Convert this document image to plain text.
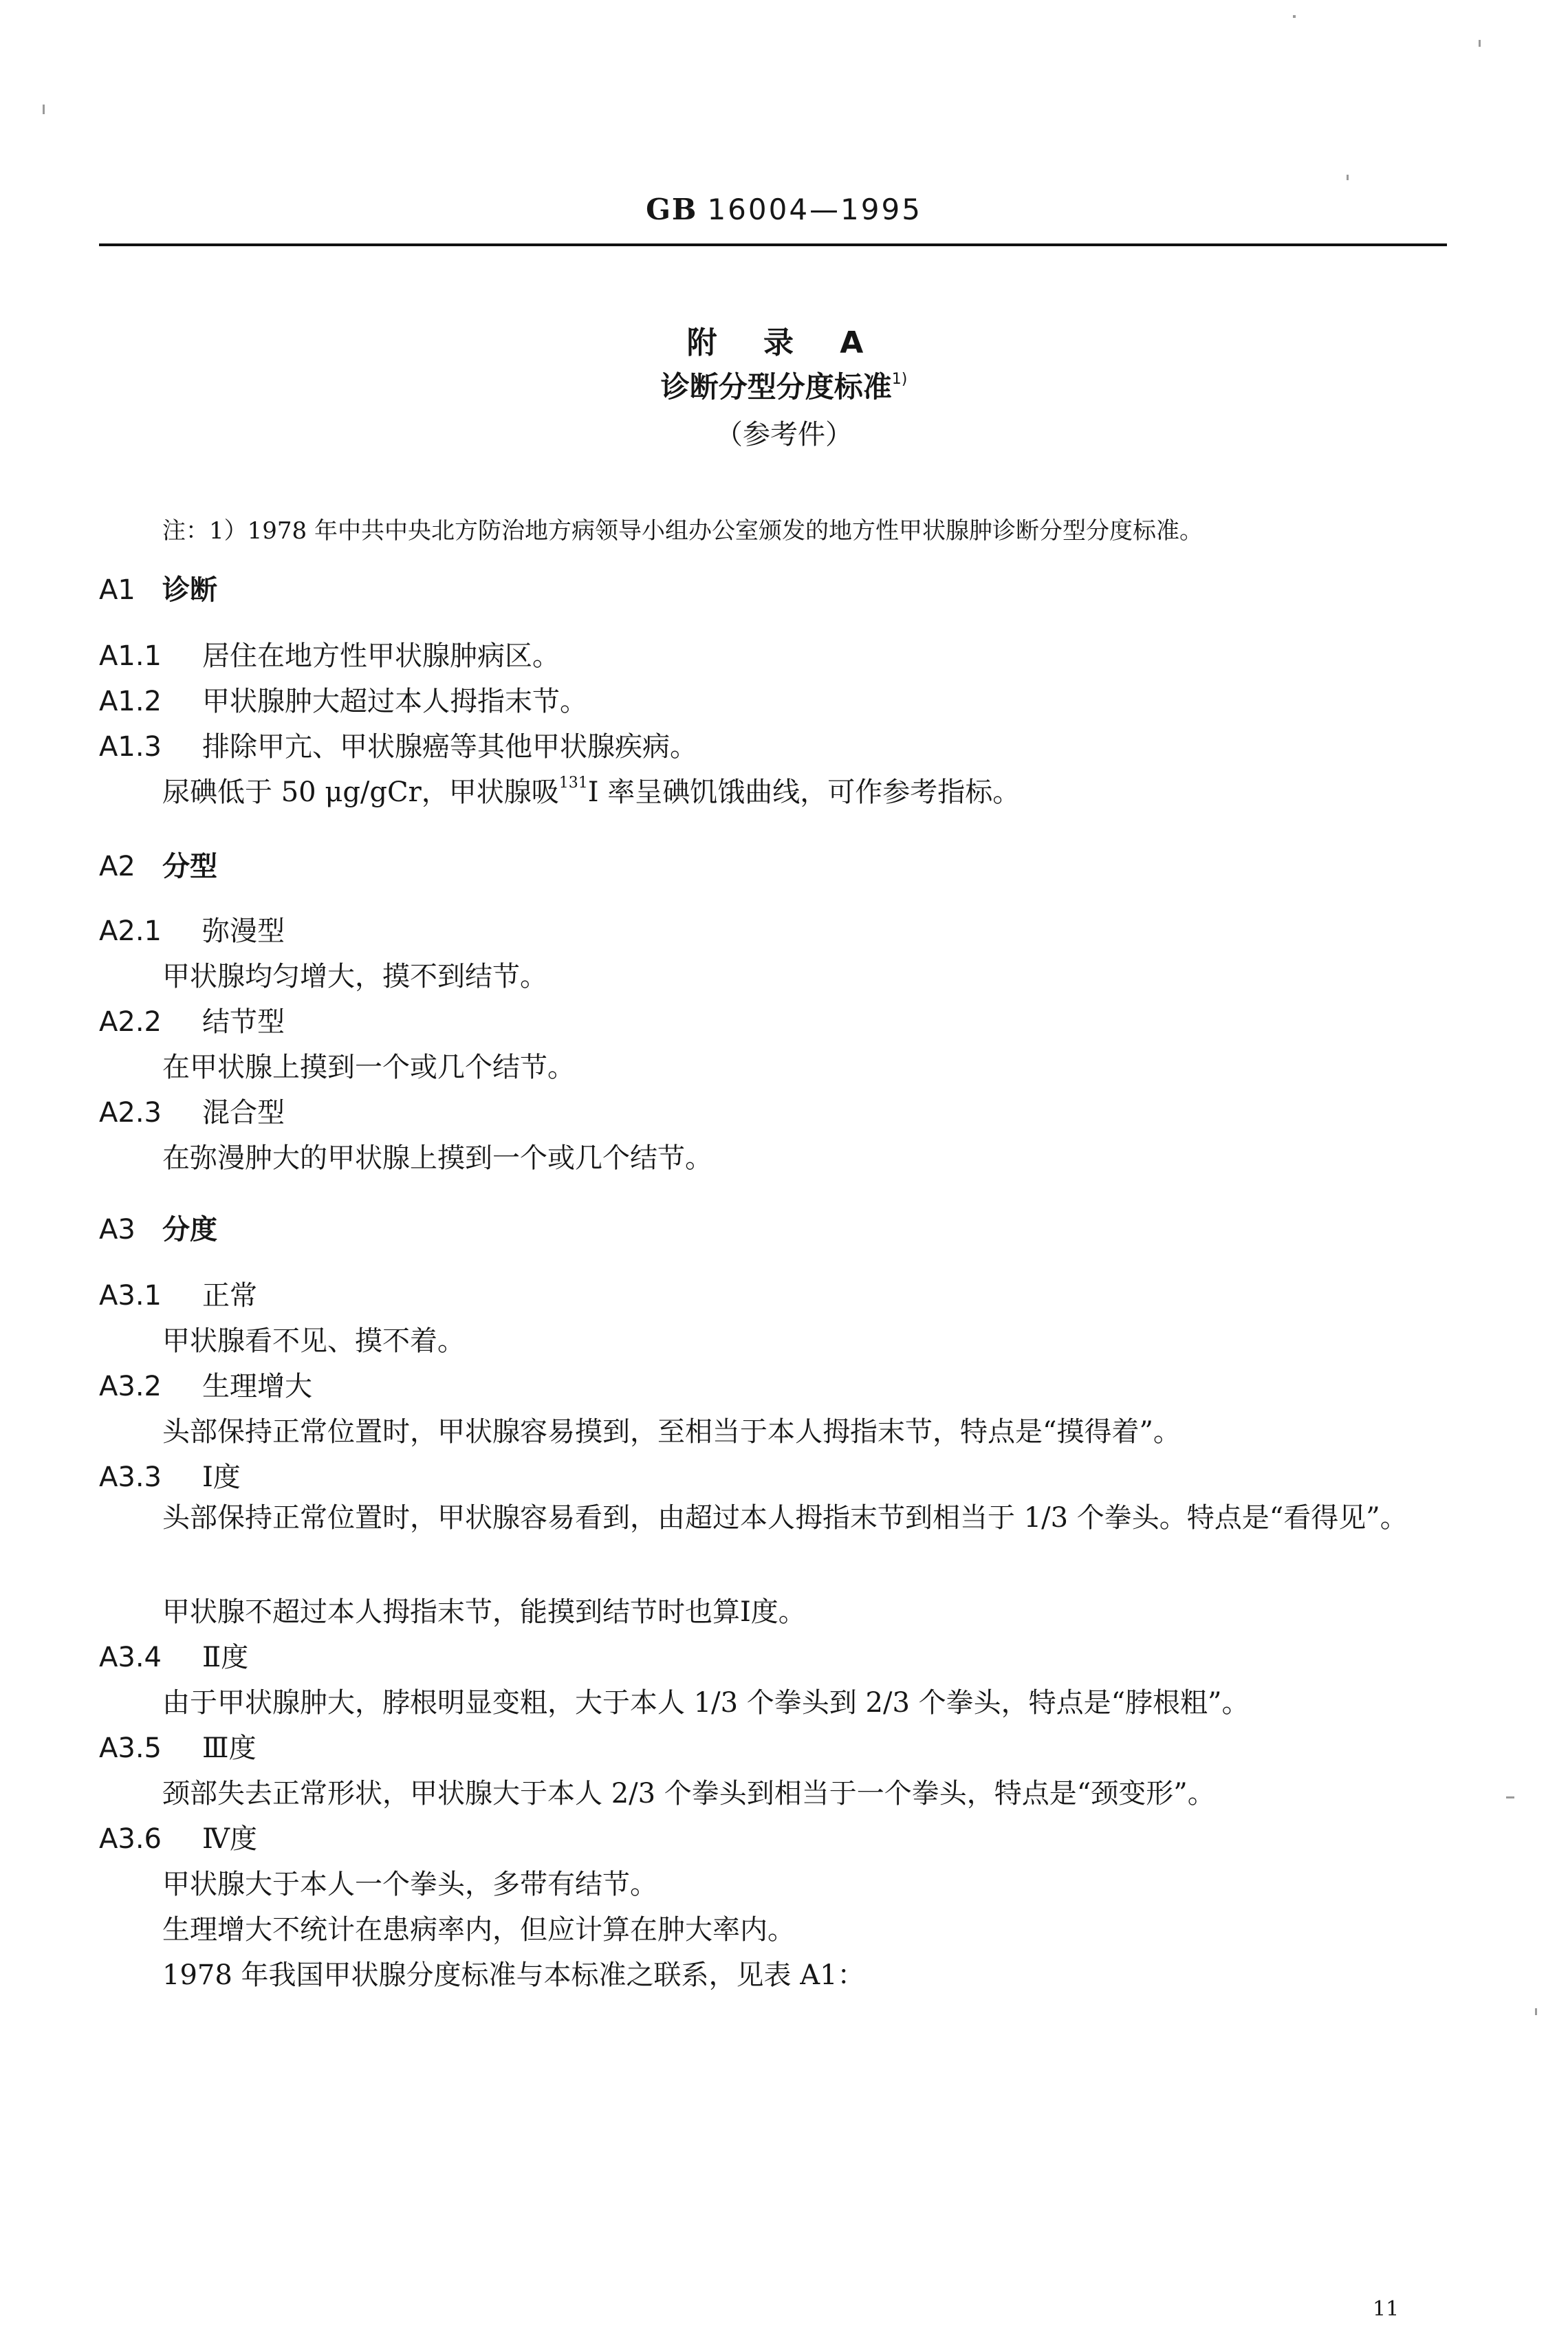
GB 16004—1995
附 录 A
诊断分型分度标准$^{1)}$
（参考件）
注：1）1978 年中共中央北方防治地方病领导小组办公室颁发的地方性甲状腺肿诊断分型分度标准。
A1 诊断
A1.1 居住在地方性甲状腺肿病区。
A1.2 甲状腺肿大超过本人拇指末节。
A1.3 排除甲亢、甲状腺癌等其他甲状腺疾病。
尿碘低于 50 μg/gCr，甲状腺吸$^{131}$I 率呈碘饥饿曲线，可作参考指标。
A2 分型
A2.1 弥漫型
甲状腺均匀增大，摸不到结节。
A2.2 结节型
在甲状腺上摸到一个或几个结节。
A2.3 混合型
在弥漫肿大的甲状腺上摸到一个或几个结节。
A3 分度
A3.1 正常
甲状腺看不见、摸不着。
A3.2 生理增大
头部保持正常位置时，甲状腺容易摸到，至相当于本人拇指末节，特点是“摸得着”。
A3.3 Ⅰ度
头部保持正常位置时，甲状腺容易看到，由超过本人拇指末节到相当于 1/3 个拳头。特点是“看得见”。
甲状腺不超过本人拇指末节，能摸到结节时也算Ⅰ度。
A3.4 Ⅱ度
由于甲状腺肿大，脖根明显变粗，大于本人 1/3 个拳头到 2/3 个拳头，特点是“脖根粗”。
A3.5 Ⅲ度
颈部失去正常形状，甲状腺大于本人 2/3 个拳头到相当于一个拳头，特点是“颈变形”。
A3.6 Ⅳ度
甲状腺大于本人一个拳头，多带有结节。
生理增大不统计在患病率内，但应计算在肿大率内。
1978 年我国甲状腺分度标准与本标准之联系，见表 A1：
11
